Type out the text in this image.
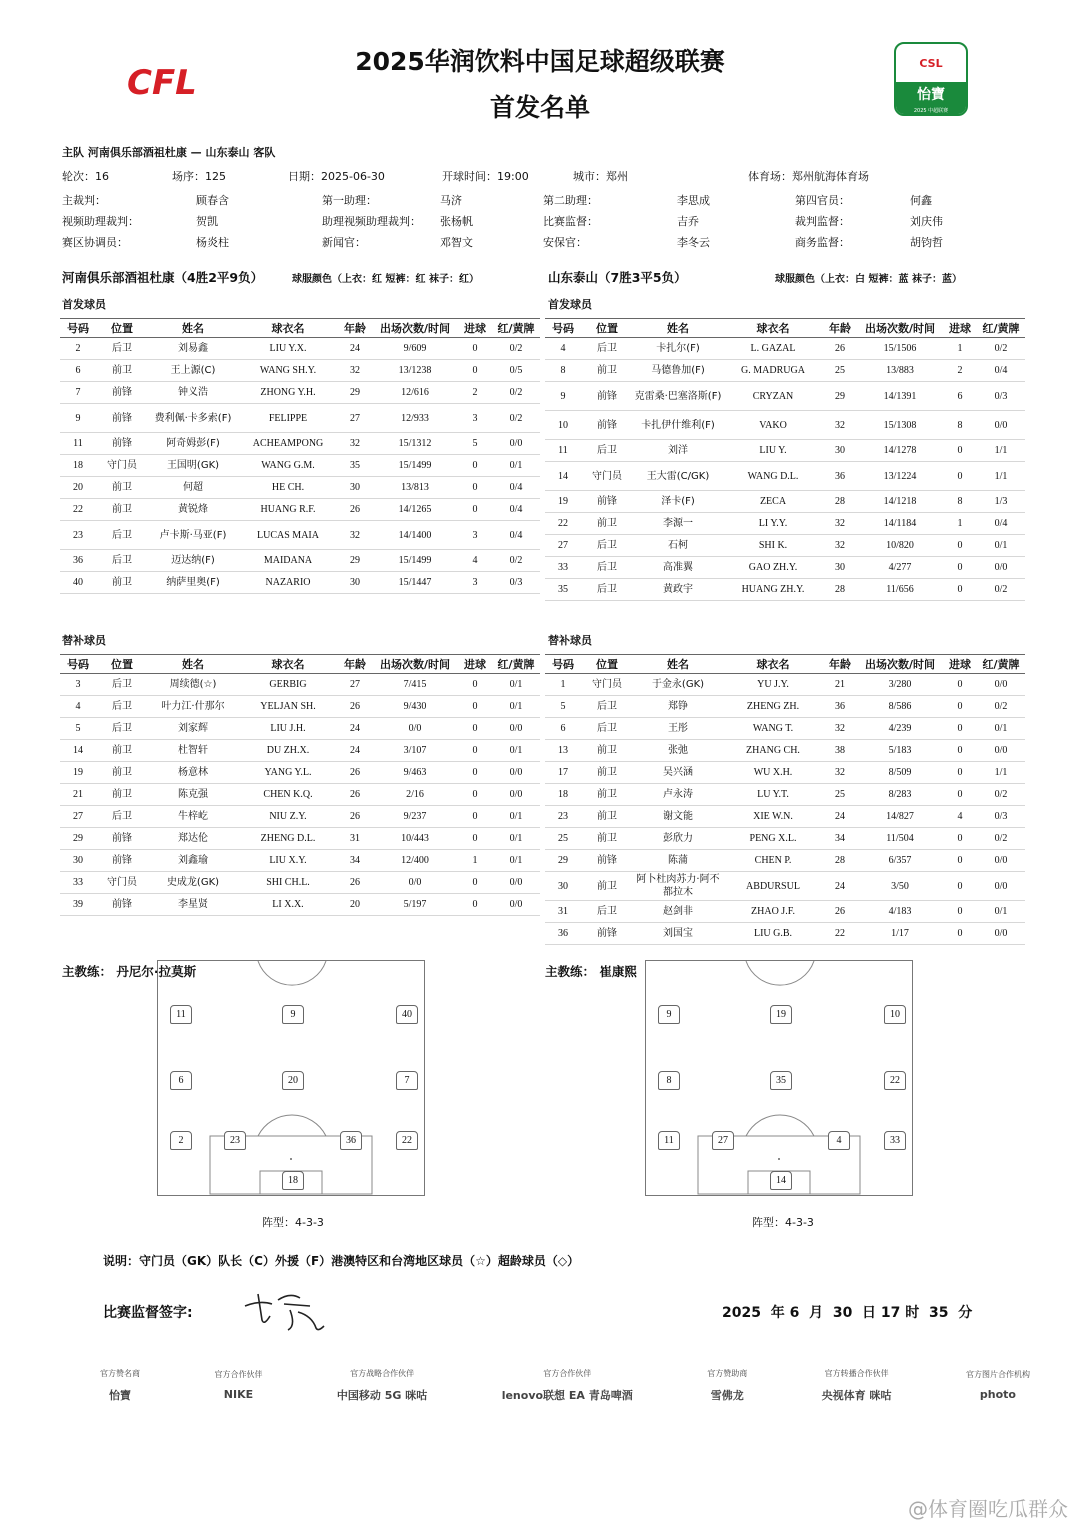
2025华润饮料中国足球超级联赛
首发名单
CFL	CSL
怡寶
2025 中超联赛
主队 河南俱乐部酒祖杜康 — 山东泰山 客队
轮次：16	场序：125	日期：2025-06-30	开球时间：19:00	城市：郑州	体育场：郑州航海体育场
主裁判：	顾春含	第一助理：	马济	第二助理：	李思成	第四官员：	何鑫
视频助理裁判：	贺凯	助理视频助理裁判： 张杨帆	比赛监督：	吉乔	裁判监督：	刘庆伟
赛区协调员：	杨炎柱	新闻官：	邓智文	安保官：	李冬云	商务监督：	胡钧哲
河南俱乐部酒祖杜康（4胜2平9负）	球服颜色（上衣：红 短裤：红 袜子：红）	山东泰山（7胜3平5负）	球服颜色（上衣：白 短裤：蓝 袜子：蓝）
首发球员	首发球员
号码	位置	姓名	球衣名	年龄	出场次数/时间	进球	红/黄牌
2	后卫	刘易鑫	LIU Y.X.	24	9/609	0	0/2
6	前卫	王上源(C)	WANG SH.Y.	32	13/1238	0	0/5
7	前锋	钟义浩	ZHONG Y.H.	29	12/616	2	0/2
9	前锋	费利佩·卡多索(F)	FELIPPE	27	12/933	3	0/2
11	前锋	阿奇姆彭(F)	ACHEAMPONG	32	15/1312	5	0/0
18	守门员	王国明(GK)	WANG G.M.	35	15/1499	0	0/1
20	前卫	何超	HE CH.	30	13/813	0	0/4
22	前卫	黄锐烽	HUANG R.F.	26	14/1265	0	0/4
23	后卫	卢卡斯·马亚(F)	LUCAS MAIA	32	14/1400	3	0/4
36	后卫	迈达纳(F)	MAIDANA	29	15/1499	4	0/2
40	前卫	纳萨里奥(F)	NAZARIO	30	15/1447	3	0/3
号码	位置	姓名	球衣名	年龄	出场次数/时间	进球	红/黄牌
4	后卫	卡扎尔(F)	L. GAZAL	26	15/1506	1	0/2
8	前卫	马德鲁加(F)	G. MADRUGA	25	13/883	2	0/4
9	前锋	克雷桑·巴塞洛斯(F)	CRYZAN	29	14/1391	6	0/3
10	前锋	卡扎伊什维利(F)	VAKO	32	15/1308	8	0/0
11	后卫	刘洋	LIU Y.	30	14/1278	0	1/1
14	守门员	王大雷(C/GK)	WANG D.L.	36	13/1224	0	1/1
19	前锋	泽卡(F)	ZECA	28	14/1218	8	1/3
22	前卫	李源一	LI Y.Y.	32	14/1184	1	0/4
27	后卫	石柯	SHI K.	32	10/820	0	0/1
33	后卫	高准翼	GAO ZH.Y.	30	4/277	0	0/0
35	后卫	黄政宇	HUANG ZH.Y.	28	11/656	0	0/2
替补球员	替补球员
号码	位置	姓名	球衣名	年龄	出场次数/时间	进球	红/黄牌
3	后卫	周续德(☆)	GERBIG	27	7/415	0	0/1
4	后卫	叶力江·什那尔	YELJAN SH.	26	9/430	0	0/1
5	后卫	刘家辉	LIU J.H.	24	0/0	0	0/0
14	前卫	杜智轩	DU ZH.X.	24	3/107	0	0/1
19	前卫	杨意林	YANG Y.L.	26	9/463	0	0/0
21	前卫	陈克强	CHEN K.Q.	26	2/16	0	0/0
27	后卫	牛梓屹	NIU Z.Y.	26	9/237	0	0/1
29	前锋	郑达伦	ZHENG D.L.	31	10/443	0	0/1
30	前锋	刘鑫瑜	LIU X.Y.	34	12/400	1	0/1
33	守门员	史成龙(GK)	SHI CH.L.	26	0/0	0	0/0
39	前锋	李星贤	LI X.X.	20	5/197	0	0/0
号码	位置	姓名	球衣名	年龄	出场次数/时间	进球	红/黄牌
1	守门员	于金永(GK)	YU J.Y.	21	3/280	0	0/0
5	后卫	郑铮	ZHENG ZH.	36	8/586	0	0/2
6	后卫	王彤	WANG T.	32	4/239	0	0/1
13	前卫	张弛	ZHANG CH.	38	5/183	0	0/0
17	前卫	吴兴涵	WU X.H.	32	8/509	0	1/1
18	前卫	卢永涛	LU Y.T.	25	8/283	0	0/2
23	前卫	谢文能	XIE W.N.	24	14/827	4	0/3
25	前卫	彭欣力	PENG X.L.	34	11/504	0	0/2
29	前锋	陈蒲	CHEN P.	28	6/357	0	0/0
30	前卫	阿卜杜肉苏力·阿不都拉木	ABDURSUL	24	3/50	0	0/0
31	后卫	赵剑非	ZHAO J.F.	26	4/183	0	0/1
36	前锋	刘国宝	LIU G.B.	22	1/17	0	0/0
主教练： 丹尼尔·拉莫斯	主教练： 崔康熙
11	9	40
6	20	7
2	23	36	22
18
9	19	10
8	35	22
11	27	4	33
14
阵型：4-3-3	阵型：4-3-3
说明：守门员（GK）队长（C）外援（F）港澳特区和台湾地区球员（☆）超龄球员（◇）
比赛监督签字:	2025  年 6  月  30  日 17 时  35  分
官方赞名商
怡寶
官方合作伙伴
NIKE
官方战略合作伙伴
中国移动 5G 咪咕
官方合作伙伴
lenovo联想 EA 青岛啤酒
官方赞助商
雪佛龙
官方转播合作伙伴
央视体育 咪咕
官方图片合作机构
photo
@体育圈吃瓜群众
